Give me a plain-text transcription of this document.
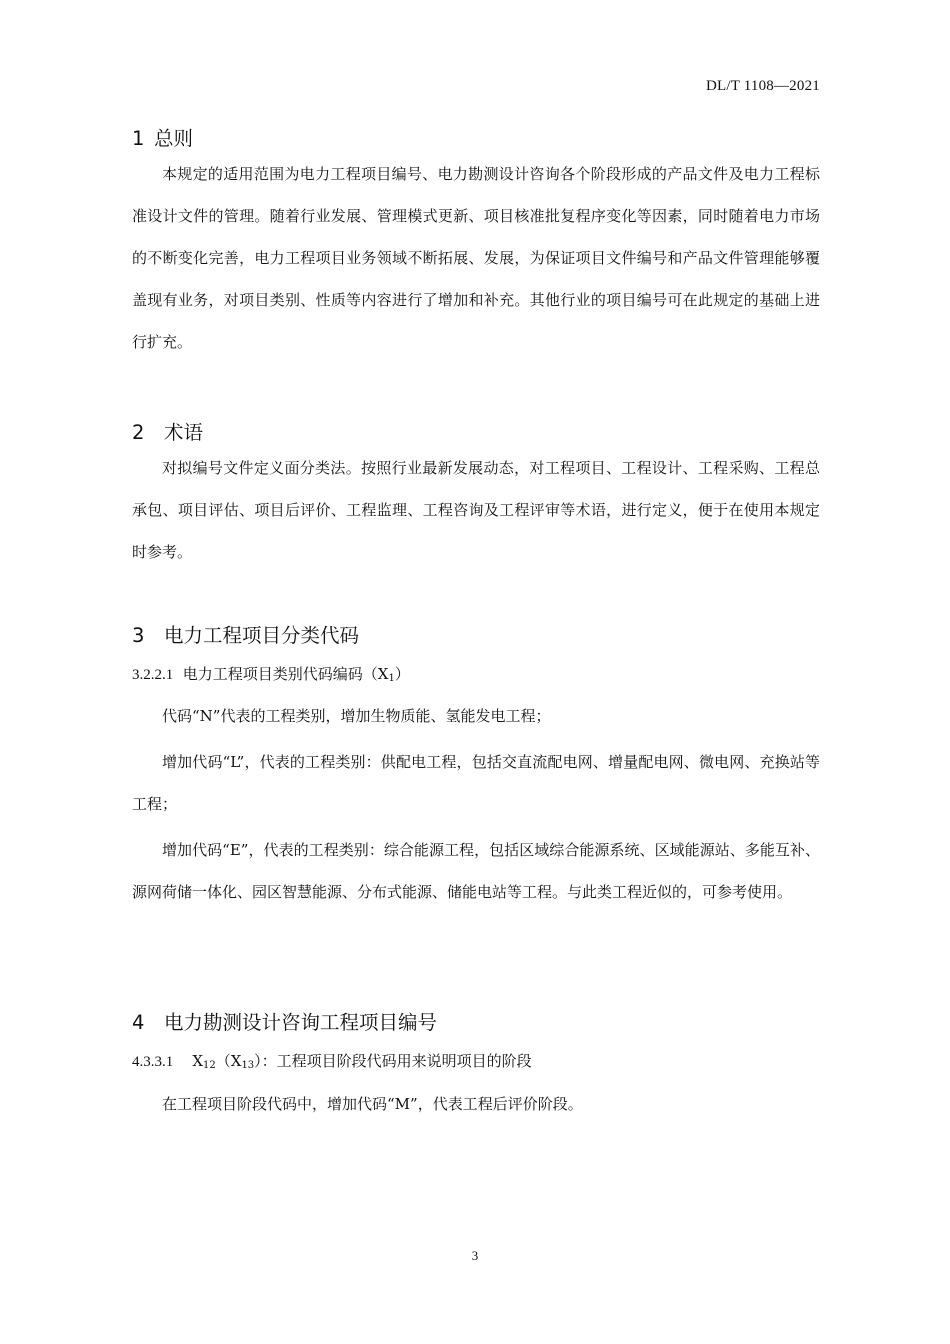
DL/T 1108—2021
1 总则

本规定的适用范围为电力工程项目编号、电力勘测设计咨询各个阶段形成的产品文件及电力工程标准设计文件的管理。随着行业发展、管理模式更新、项目核准批复程序变化等因素，同时随着电力市场的不断变化完善，电力工程项目业务领域不断拓展、发展，为保证项目文件编号和产品文件管理能够覆盖现有业务，对项目类别、性质等内容进行了增加和补充。其他行业的项目编号可在此规定的基础上进行扩充。

2 术语

对拟编号文件定义面分类法。按照行业最新发展动态，对工程项目、工程设计、工程采购、工程总承包、项目评估、项目后评价、工程监理、工程咨询及工程评审等术语，进行定义，便于在使用本规定时参考。

3 电力工程项目分类代码
3.2.2.1 电力工程项目类别代码编码$(X_1)$

代码“N”代表的工程类别，增加生物质能、氢能发电工程；

增加代码“L”，代表的工程类别：供配电工程，包括交直流配电网、增量配电网、微电网、充换站等工程；

增加代码“E”，代表的工程类别：综合能源工程，包括区域综合能源系统、区域能源站、多能互补、源网荷储一体化、园区智慧能源、分布式能源、储能电站等工程。与此类工程近似的，可参考使用。

4 电力勘测设计咨询工程项目编号
4.3.3.1 $X_{12}(X_{13})$：工程项目阶段代码用来说明项目的阶段

在工程项目阶段代码中，增加代码“M”，代表工程后评价阶段。

3
